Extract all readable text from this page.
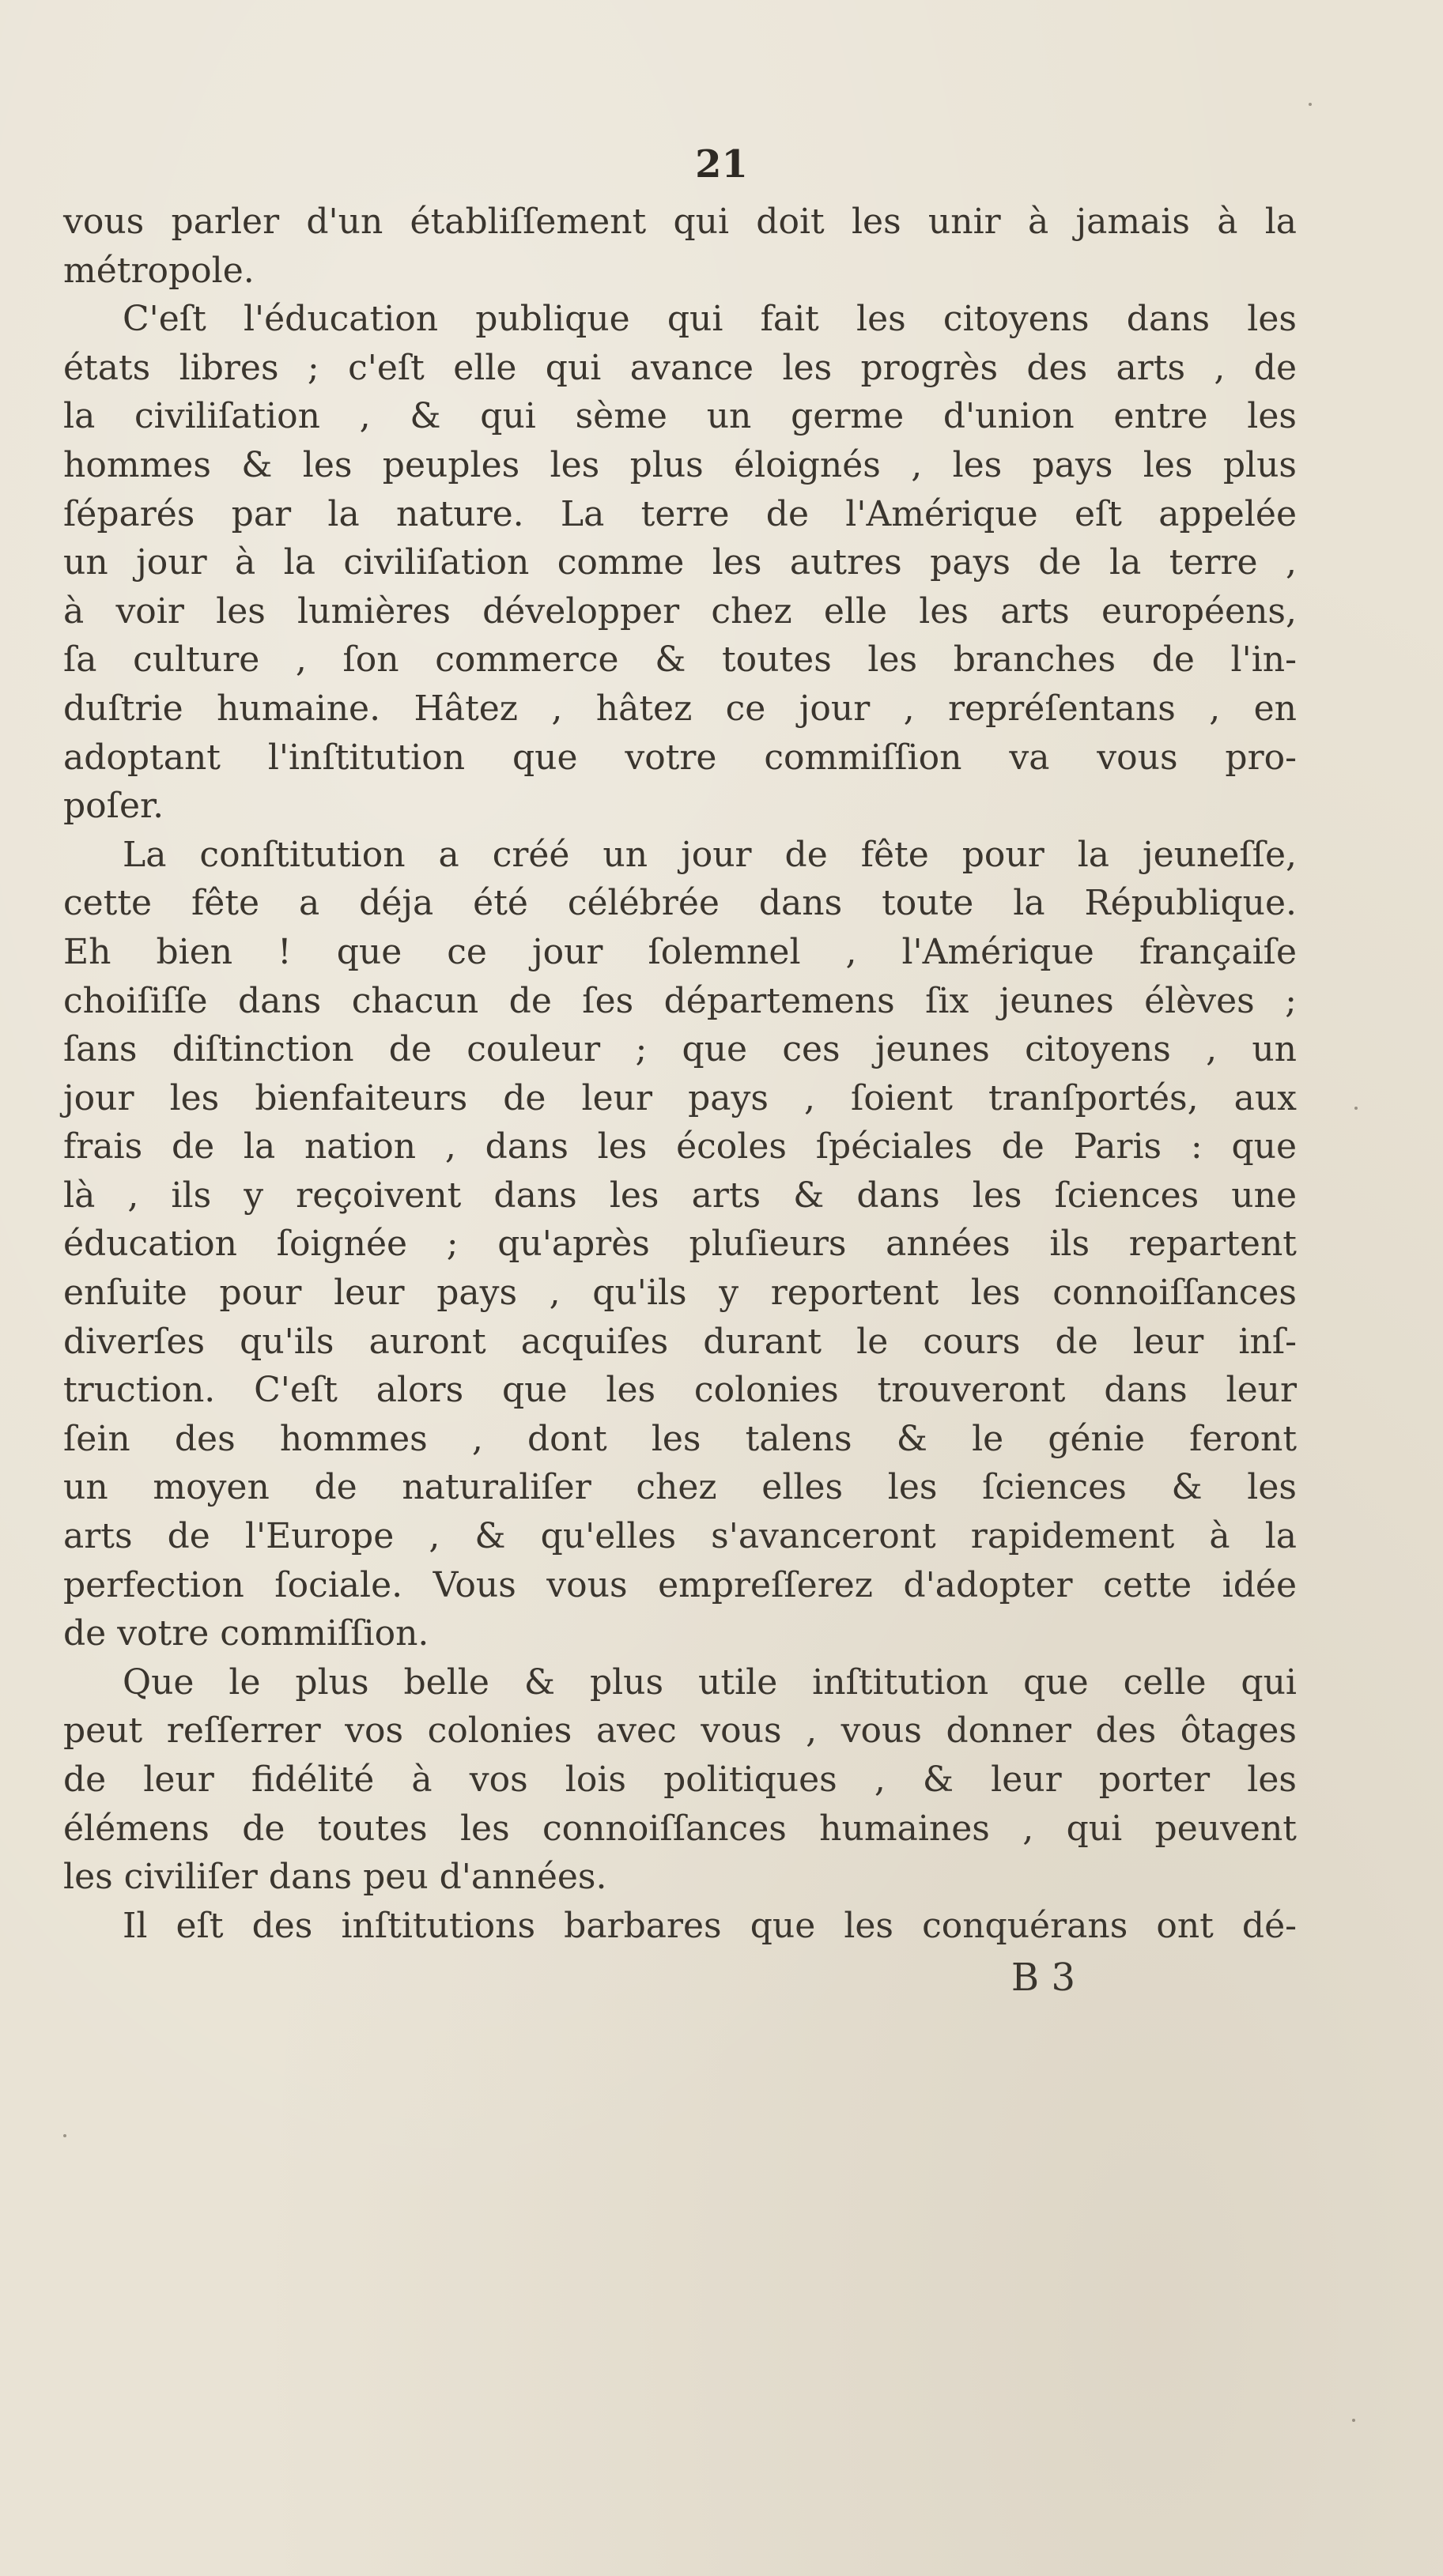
21
vous parler d'un établiſſement qui doit les unir à jamais à la
métropole.
C'eſt l'éducation publique qui fait les citoyens dans les
états libres ; c'eſt elle qui avance les progrès des arts , de
la civiliſation , & qui sème un germe d'union entre les
hommes & les peuples les plus éloignés , les pays les plus
ſéparés par la nature. La terre de l'Amérique eſt appelée
un jour à la civiliſation comme les autres pays de la terre ,
à voir les lumières développer chez elle les arts européens,
ſa culture , ſon commerce & toutes les branches de l'in-
duſtrie humaine. Hâtez , hâtez ce jour , repréſentans , en
adoptant l'inſtitution que votre commiſſion va vous pro-
poſer.
La conſtitution a créé un jour de fête pour la jeuneſſe,
cette fête a déja été célébrée dans toute la République.
Eh bien ! que ce jour ſolemnel , l'Amérique françaiſe
choiſiſſe dans chacun de ſes départemens ſix jeunes élèves ;
ſans diſtinction de couleur ; que ces jeunes citoyens , un
jour les bienfaiteurs de leur pays , ſoient tranſportés, aux
frais de la nation , dans les écoles ſpéciales de Paris : que
là , ils y reçoivent dans les arts & dans les ſciences une
éducation ſoignée ; qu'après pluſieurs années ils repartent
enſuite pour leur pays , qu'ils y reportent les connoiſſances
diverſes qu'ils auront acquiſes durant le cours de leur inſ-
truction. C'eſt alors que les colonies trouveront dans leur
ſein des hommes , dont les talens & le génie feront
un moyen de naturaliſer chez elles les ſciences & les
arts de l'Europe , & qu'elles s'avanceront rapidement à la
perfection ſociale. Vous vous empreſſerez d'adopter cette idée
de votre commiſſion.
Que le plus belle & plus utile inſtitution que celle qui
peut reſſerrer vos colonies avec vous , vous donner des ôtages
de leur fidélité à vos lois politiques , & leur porter les
élémens de toutes les connoiſſances humaines , qui peuvent
les civiliſer dans peu d'années.
Il eſt des inſtitutions barbares que les conquérans ont dé-
B 3
